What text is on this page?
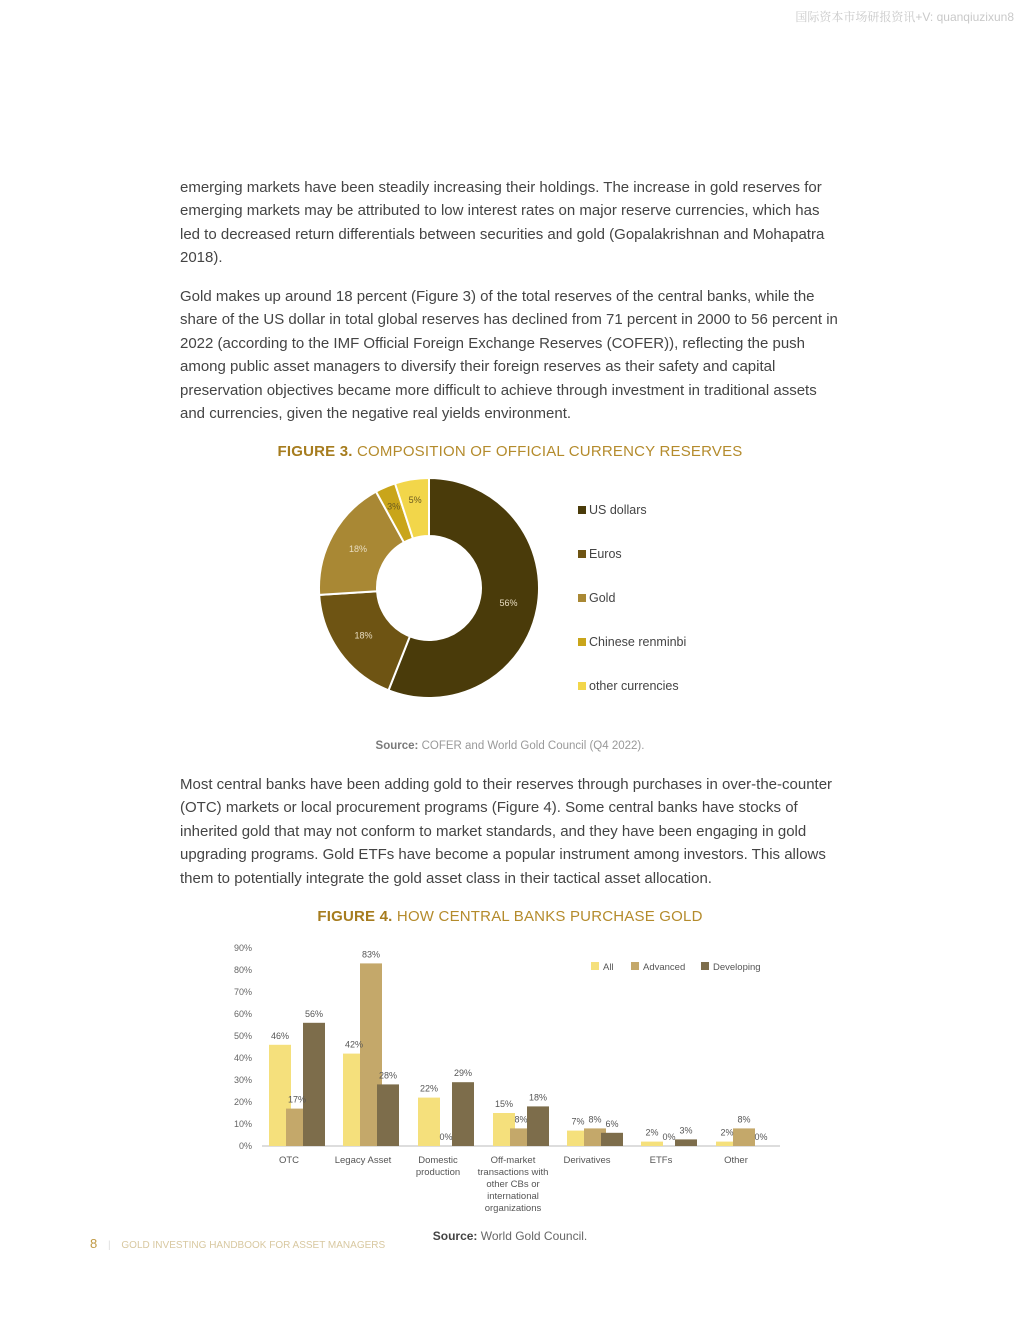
国际资本市场研报资讯+V: quanqiuzixun8

emerging markets have been steadily increasing their holdings. The increase in gold reserves for emerging markets may be attributed to low interest rates on major reserve currencies, which has led to decreased return differentials between securities and gold (Gopalakrishnan and Mohapatra 2018).

Gold makes up around 18 percent (Figure 3) of the total reserves of the central banks, while the share of the US dollar in total global reserves has declined from 71 percent in 2000 to 56 percent in 2022 (according to the IMF Official Foreign Exchange Reserves (COFER)), reflecting the push among public asset managers to diversify their foreign reserves as their safety and capital preservation objectives became more difficult to achieve through investment in traditional assets and currencies, given the negative real yields environment.

FIGURE 3. COMPOSITION OF OFFICIAL CURRENCY RESERVES
56%
18%
18%
3%
5%
US dollars
Euros
Gold
Chinese renminbi
other currencies
Source: COFER and World Gold Council (Q4 2022).

Most central banks have been adding gold to their reserves through purchases in over-the-counter (OTC) markets or local procurement programs (Figure 4). Some central banks have stocks of inherited gold that may not conform to market standards, and they have been engaging in gold upgrading programs. Gold ETFs have become a popular instrument among investors. This allows them to potentially integrate the gold asset class in their tactical asset allocation.

FIGURE 4. HOW CENTRAL BANKS PURCHASE GOLD
0%
10%
20%
30%
40%
50%
60%
70%
80%
90%
OTC	Legacy Asset	Domestic
production
Off-market
transactions with
other CBs or
international
organizations
Derivatives	ETFs	Other
46%
42%
22%
15%
7%
2%	2%
17%
83%
0%
8%	8%
0%
8%
56%
28%	29%
18%
6%
3%
0%
All	Advanced	Developing
Source: World Gold Council.
8 | GOLD INVESTING HANDBOOK FOR ASSET MANAGERS
